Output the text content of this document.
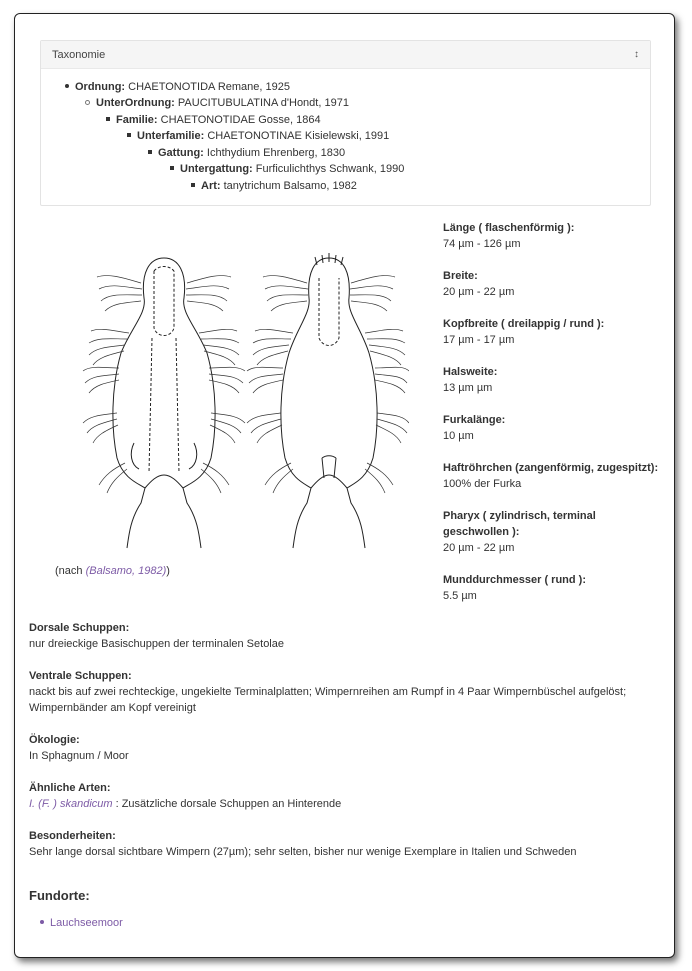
Taxonomie	↕
Ordnung: CHAETONOTIDA Remane, 1925
UnterOrdnung: PAUCITUBULATINA d'Hondt, 1971
Familie: CHAETONOTIDAE Gosse, 1864
Unterfamilie: CHAETONOTINAE Kisielewski, 1991
Gattung: Ichthydium Ehrenberg, 1830
Untergattung: Furficulichthys Schwank, 1990
Art: tanytrichum Balsamo, 1982
(nach (Balsamo, 1982))
Länge ( flaschenförmig ):
74 µm - 126 µm
Breite:
20 µm - 22 µm
Kopfbreite ( dreilappig / rund ):
17 µm - 17 µm
Halsweite:
13 µm µm
Furkalänge:
10 µm
Haftröhrchen (zangenförmig, zugespitzt):
100% der Furka
Pharyx ( zylindrisch, terminal geschwollen ):
20 µm - 22 µm
Munddurchmesser ( rund ):
5.5 µm
Dorsale Schuppen:
nur dreieckige Basischuppen der terminalen Setolae
Ventrale Schuppen:
nackt bis auf zwei rechteckige, ungekielte Terminalplatten; Wimpernreihen am Rumpf in 4 Paar Wimpernbüschel aufgelöst; Wimpernbänder am Kopf vereinigt
Ökologie:
In Sphagnum / Moor
Ähnliche Arten:
I. (F. ) skandicum : Zusätzliche dorsale Schuppen an Hinterende
Besonderheiten:
Sehr lange dorsal sichtbare Wimpern (27µm); sehr selten, bisher nur wenige Exemplare in Italien und Schweden
Fundorte:
Lauchseemoor
